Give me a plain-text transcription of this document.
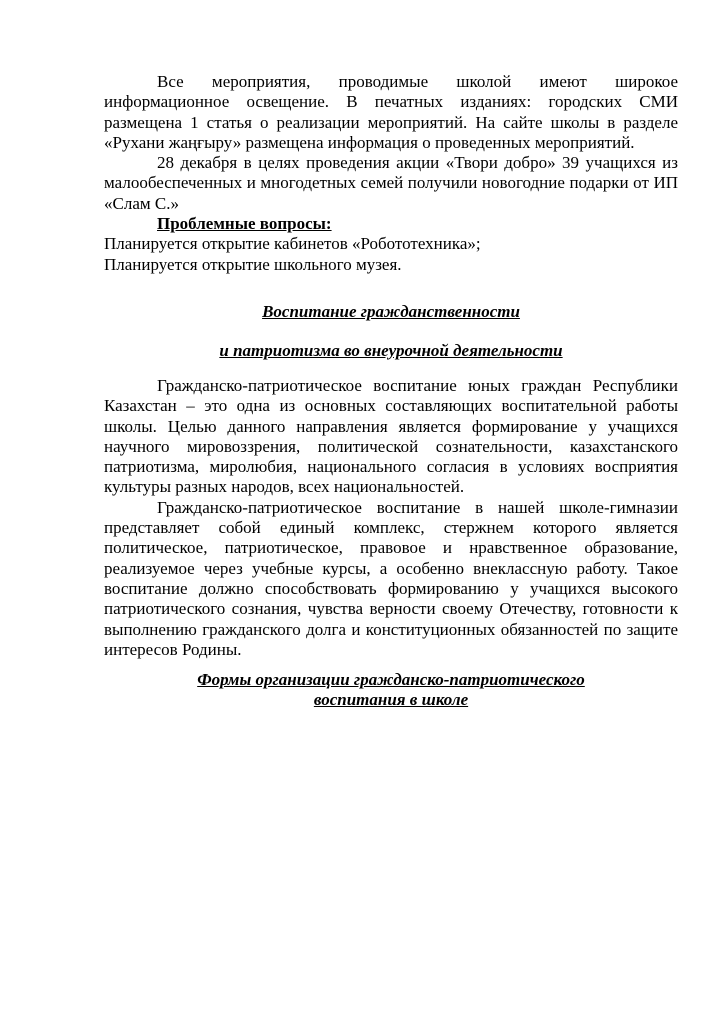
Все мероприятия, проводимые школой имеют широкое информационное освещение. В печатных изданиях: городских СМИ размещена 1 статья о реализации мероприятий. На сайте школы в разделе «Рухани жаңғыру» размещена информация о проведенных мероприятий.

28 декабря в целях проведения акции «Твори добро» 39 учащихся из малообеспеченных и многодетных семей получили новогодние подарки от ИП «Слам С.»

Проблемные вопросы:

Планируется открытие кабинетов «Робототехника»;

Планируется открытие школьного музея.

Воспитание гражданственности

и патриотизма во внеурочной деятельности

Гражданско-патриотическое воспитание юных граждан Республики Казахстан – это одна из основных составляющих воспитательной работы школы. Целью данного направления является формирование у учащихся научного мировоззрения, политической сознательности, казахстанского патриотизма, миролюбия, национального согласия в условиях восприятия культуры разных народов, всех национальностей.

Гражданско-патриотическое воспитание в нашей школе-гимназии представляет собой единый комплекс, стержнем которого является политическое, патриотическое, правовое и нравственное образование, реализуемое через учебные курсы, а особенно внеклассную работу. Такое воспитание должно способствовать формированию у учащихся высокого патриотического сознания, чувства верности своему Отечеству, готовности к выполнению гражданского долга и конституционных обязанностей по защите интересов Родины.

Формы организации гражданско-патриотического

воспитания в школе
